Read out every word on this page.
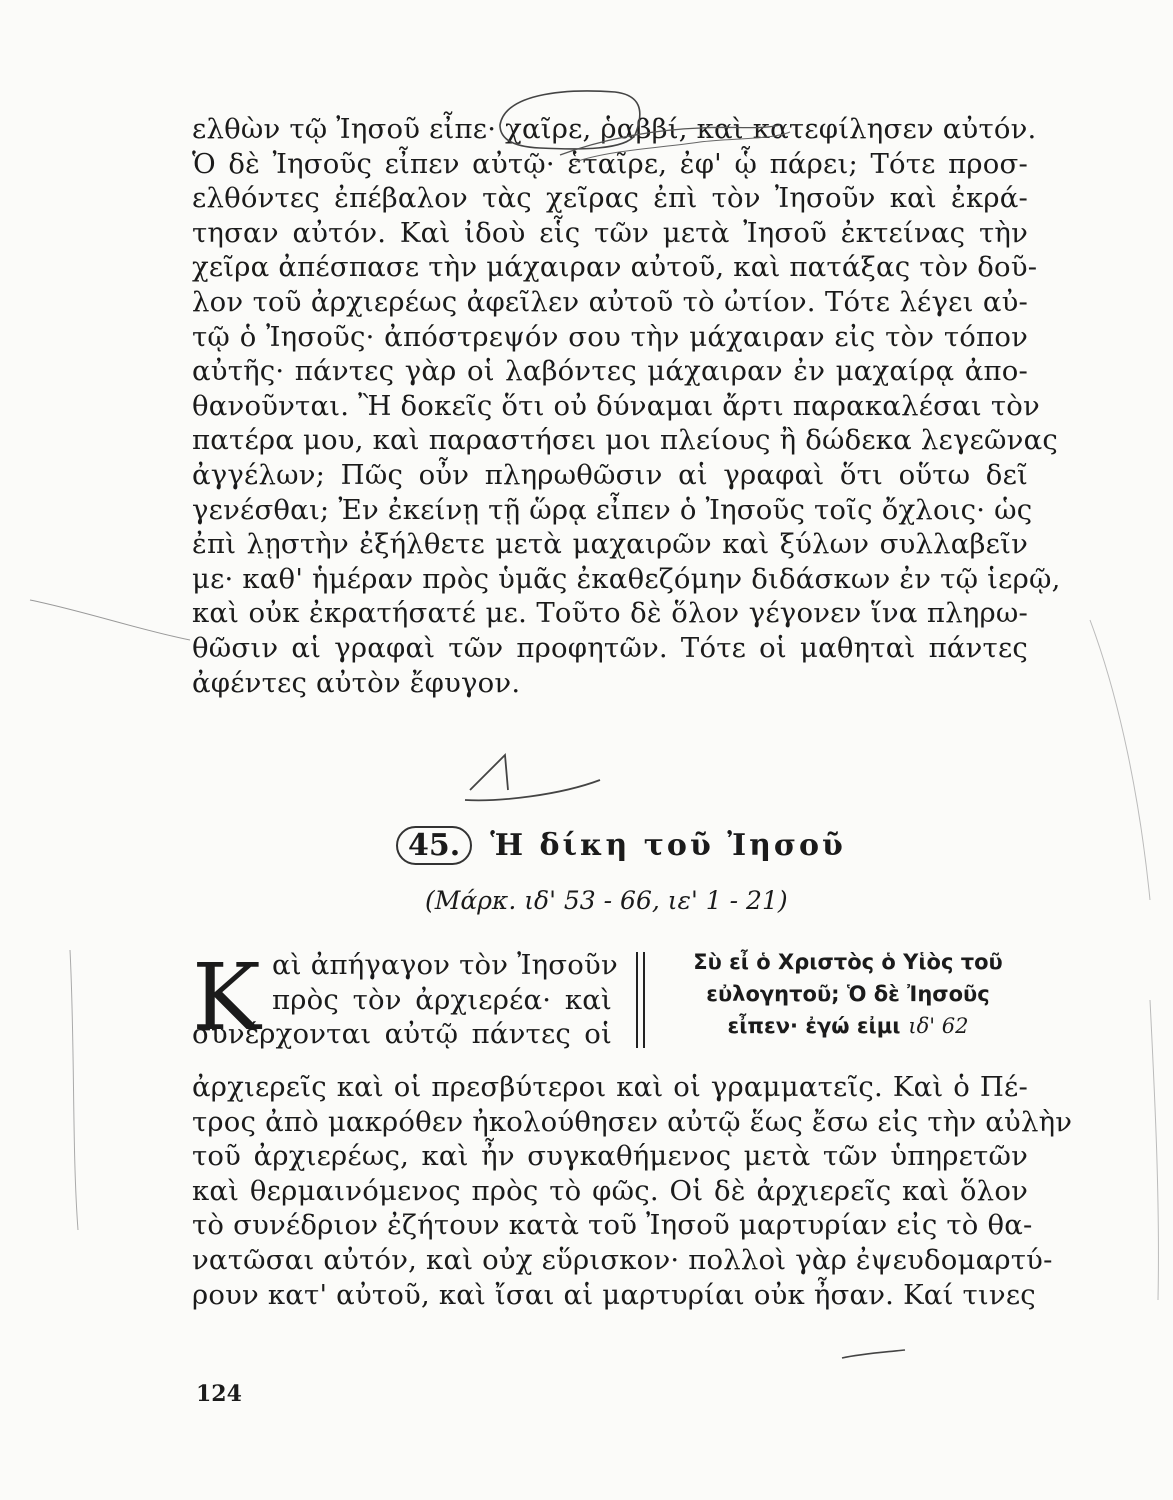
ελθὼν τῷ Ἰησοῦ εἶπε· χαῖρε, ῥαββί, καὶ κατεφίλησεν αὐτόν.
Ὁ δὲ Ἰησοῦς εἶπεν αὐτῷ· ἑταῖρε, ἐφ' ᾧ πάρει; Τότε προσ-
ελθόντες ἐπέβαλον τὰς χεῖρας ἐπὶ τὸν Ἰησοῦν καὶ ἐκρά-
τησαν αὐτόν. Καὶ ἰδοὺ εἷς τῶν μετὰ Ἰησοῦ ἐκτείνας τὴν
χεῖρα ἀπέσπασε τὴν μάχαιραν αὐτοῦ, καὶ πατάξας τὸν δοῦ-
λον τοῦ ἀρχιερέως ἀφεῖλεν αὐτοῦ τὸ ὠτίον. Τότε λέγει αὐ-
τῷ ὁ Ἰησοῦς· ἀπόστρεψόν σου τὴν μάχαιραν εἰς τὸν τόπον
αὐτῆς· πάντες γὰρ οἱ λαβόντες μάχαιραν ἐν μαχαίρᾳ ἀπο-
θανοῦνται. Ἢ δοκεῖς ὅτι οὐ δύναμαι ἄρτι παρακαλέσαι τὸν
πατέρα μου, καὶ παραστήσει μοι πλείους ἢ δώδεκα λεγεῶνας
ἀγγέλων; Πῶς οὖν πληρωθῶσιν αἱ γραφαὶ ὅτι οὕτω δεῖ
γενέσθαι; Ἐν ἐκείνῃ τῇ ὥρᾳ εἶπεν ὁ Ἰησοῦς τοῖς ὄχλοις· ὡς
ἐπὶ λῃστὴν ἐξήλθετε μετὰ μαχαιρῶν καὶ ξύλων συλλαβεῖν
με· καθ' ἡμέραν πρὸς ὑμᾶς ἐκαθεζόμην διδάσκων ἐν τῷ ἱερῷ,
καὶ οὐκ ἐκρατήσατέ με. Τοῦτο δὲ ὅλον γέγονεν ἵνα πληρω-
θῶσιν αἱ γραφαὶ τῶν προφητῶν. Τότε οἱ μαθηταὶ πάντες
ἀφέντες αὐτὸν ἔφυγον.
45. Ἡ δίκη τοῦ Ἰησοῦ
(Μάρκ. ιδ' 53 - 66, ιε' 1 - 21)
Κ αὶ ἀπήγαγον τὸν Ἰησοῦν
πρὸς τὸν ἀρχιερέα· καὶ
συνέρχονται αὐτῷ πάντες οἱ
Σὺ εἶ ὁ Χριστὸς ὁ Υἱὸς τοῦ
εὐλογητοῦ; Ὁ δὲ Ἰησοῦς
εἶπεν· ἐγώ εἰμι ιδ' 62
ἀρχιερεῖς καὶ οἱ πρεσβύτεροι καὶ οἱ γραμματεῖς. Καὶ ὁ Πέ-
τρος ἀπὸ μακρόθεν ἠκολούθησεν αὐτῷ ἕως ἔσω εἰς τὴν αὐλὴν
τοῦ ἀρχιερέως, καὶ ἦν συγκαθήμενος μετὰ τῶν ὑπηρετῶν
καὶ θερμαινόμενος πρὸς τὸ φῶς. Οἱ δὲ ἀρχιερεῖς καὶ ὅλον
τὸ συνέδριον ἐζήτουν κατὰ τοῦ Ἰησοῦ μαρτυρίαν εἰς τὸ θα-
νατῶσαι αὐτόν, καὶ οὐχ εὕρισκον· πολλοὶ γὰρ ἐψευδομαρτύ-
ρουν κατ' αὐτοῦ, καὶ ἴσαι αἱ μαρτυρίαι οὐκ ἦσαν. Καί τινες
124
